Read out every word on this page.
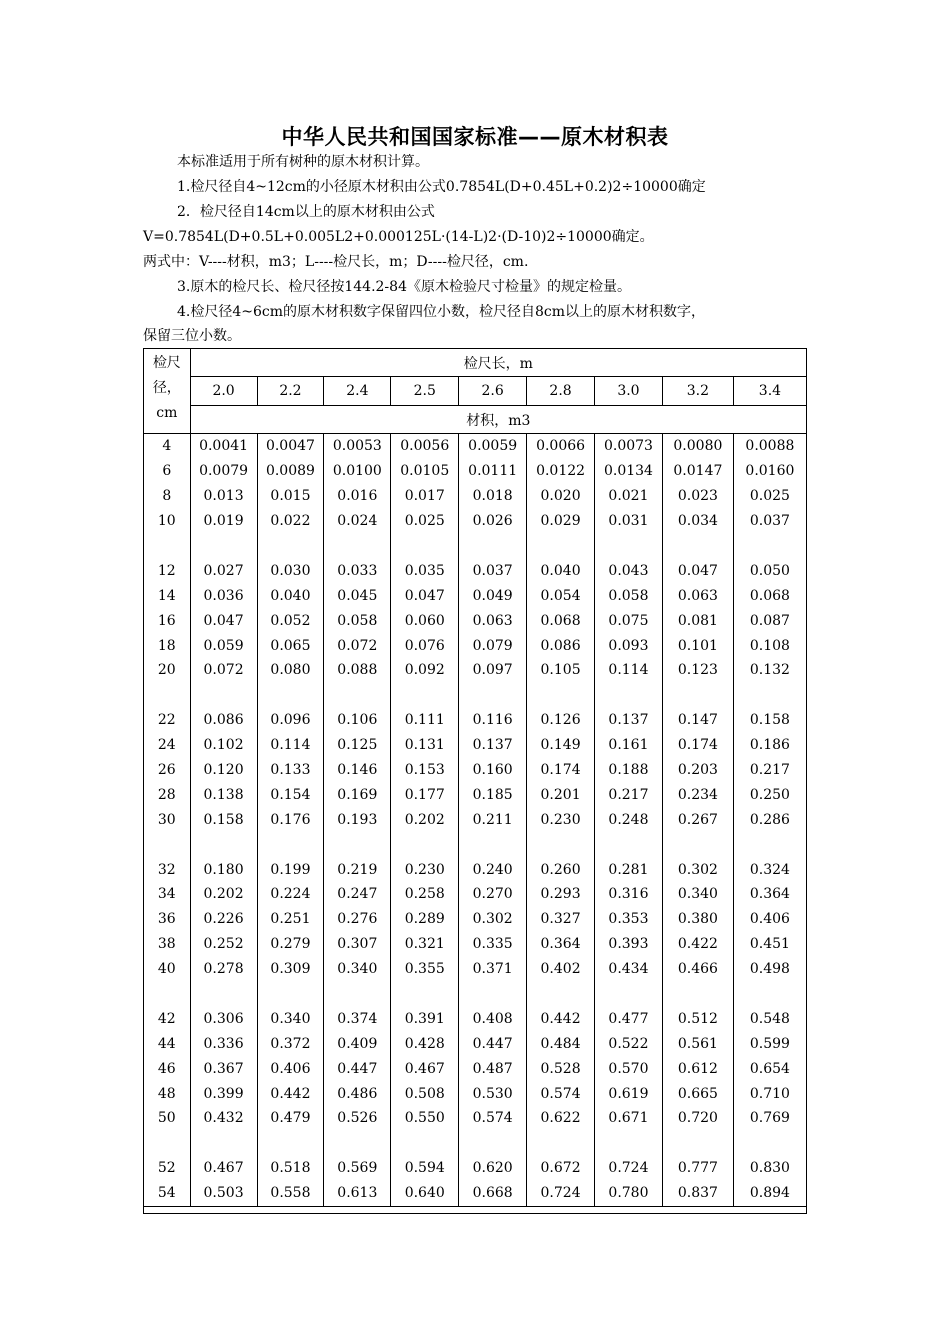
中华人民共和国国家标准——原木材积表
本标准适用于所有树种的原木材积计算。
1.检尺径自4~12cm的小径原木材积由公式0.7854L(D+0.45L+0.2)2÷10000确定
2．检尺径自14cm以上的原木材积由公式
V=0.7854L(D+0.5L+0.005L2+0.000125L·(14-L)2·(D-10)2÷10000确定。
两式中：V----材积，m3；L----检尺长，m；D----检尺径，cm.
3.原木的检尺长、检尺径按144.2-84《原木检验尺寸检量》的规定检量。
4.检尺径4~6cm的原木材积数字保留四位小数，检尺径自8cm以上的原木材积数字，
保留三位小数。
检尺径，cm	检尺长，m								
	2.0	2.2	2.4	2.5	2.6	2.8	3.0	3.2	3.4
	材积，m3								
4	0.0041	0.0047	0.0053	0.0056	0.0059	0.0066	0.0073	0.0080	0.0088
6	0.0079	0.0089	0.0100	0.0105	0.0111	0.0122	0.0134	0.0147	0.0160
8	0.013	0.015	0.016	0.017	0.018	0.020	0.021	0.023	0.025
10	0.019	0.022	0.024	0.025	0.026	0.029	0.031	0.034	0.037

12	0.027	0.030	0.033	0.035	0.037	0.040	0.043	0.047	0.050
14	0.036	0.040	0.045	0.047	0.049	0.054	0.058	0.063	0.068
16	0.047	0.052	0.058	0.060	0.063	0.068	0.075	0.081	0.087
18	0.059	0.065	0.072	0.076	0.079	0.086	0.093	0.101	0.108
20	0.072	0.080	0.088	0.092	0.097	0.105	0.114	0.123	0.132

22	0.086	0.096	0.106	0.111	0.116	0.126	0.137	0.147	0.158
24	0.102	0.114	0.125	0.131	0.137	0.149	0.161	0.174	0.186
26	0.120	0.133	0.146	0.153	0.160	0.174	0.188	0.203	0.217
28	0.138	0.154	0.169	0.177	0.185	0.201	0.217	0.234	0.250
30	0.158	0.176	0.193	0.202	0.211	0.230	0.248	0.267	0.286

32	0.180	0.199	0.219	0.230	0.240	0.260	0.281	0.302	0.324
34	0.202	0.224	0.247	0.258	0.270	0.293	0.316	0.340	0.364
36	0.226	0.251	0.276	0.289	0.302	0.327	0.353	0.380	0.406
38	0.252	0.279	0.307	0.321	0.335	0.364	0.393	0.422	0.451
40	0.278	0.309	0.340	0.355	0.371	0.402	0.434	0.466	0.498

42	0.306	0.340	0.374	0.391	0.408	0.442	0.477	0.512	0.548
44	0.336	0.372	0.409	0.428	0.447	0.484	0.522	0.561	0.599
46	0.367	0.406	0.447	0.467	0.487	0.528	0.570	0.612	0.654
48	0.399	0.442	0.486	0.508	0.530	0.574	0.619	0.665	0.710
50	0.432	0.479	0.526	0.550	0.574	0.622	0.671	0.720	0.769

52	0.467	0.518	0.569	0.594	0.620	0.672	0.724	0.777	0.830
54	0.503	0.558	0.613	0.640	0.668	0.724	0.780	0.837	0.894
